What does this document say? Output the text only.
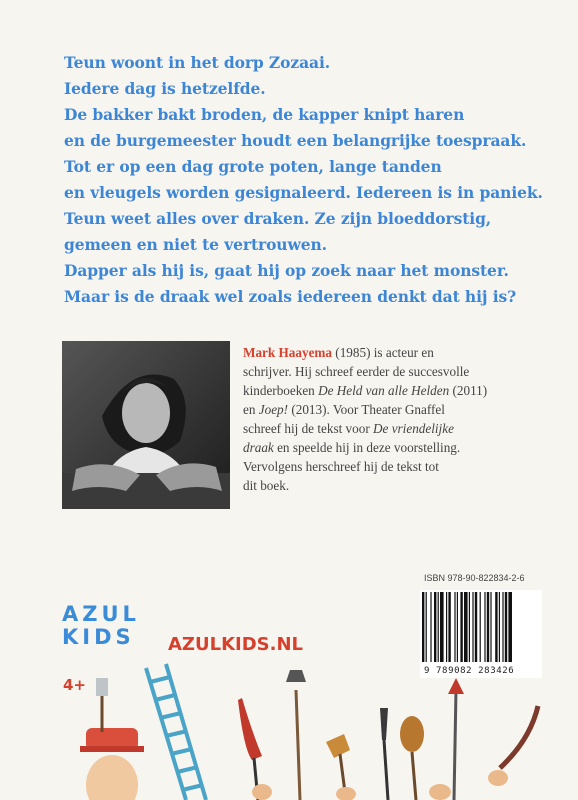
Teun woont in het dorp Zozaai.
Iedere dag is hetzelfde.
De bakker bakt broden, de kapper knipt haren
en de burgemeester houdt een belangrijke toespraak.
Tot er op een dag grote poten, lange tanden
en vleugels worden gesignaleerd. Iedereen is in paniek.
Teun weet alles over draken. Ze zijn bloeddorstig,
gemeen en niet te vertrouwen.
Dapper als hij is, gaat hij op zoek naar het monster.
Maar is de draak wel zoals iedereen denkt dat hij is?
Mark Haayema (1985) is acteur en
schrijver. Hij schreef eerder de succesvolle
kinderboeken De Held van alle Helden (2011)
en Joep! (2013). Voor Theater Gnaffel
schreef hij de tekst voor De vriendelijke
draak en speelde hij in deze voorstelling.
Vervolgens herschreef hij de tekst tot
dit boek.
ISBN 978-90-822834-2-6
9 789082 283426
AZUL
KIDS AZULKIDS.NL
4+
